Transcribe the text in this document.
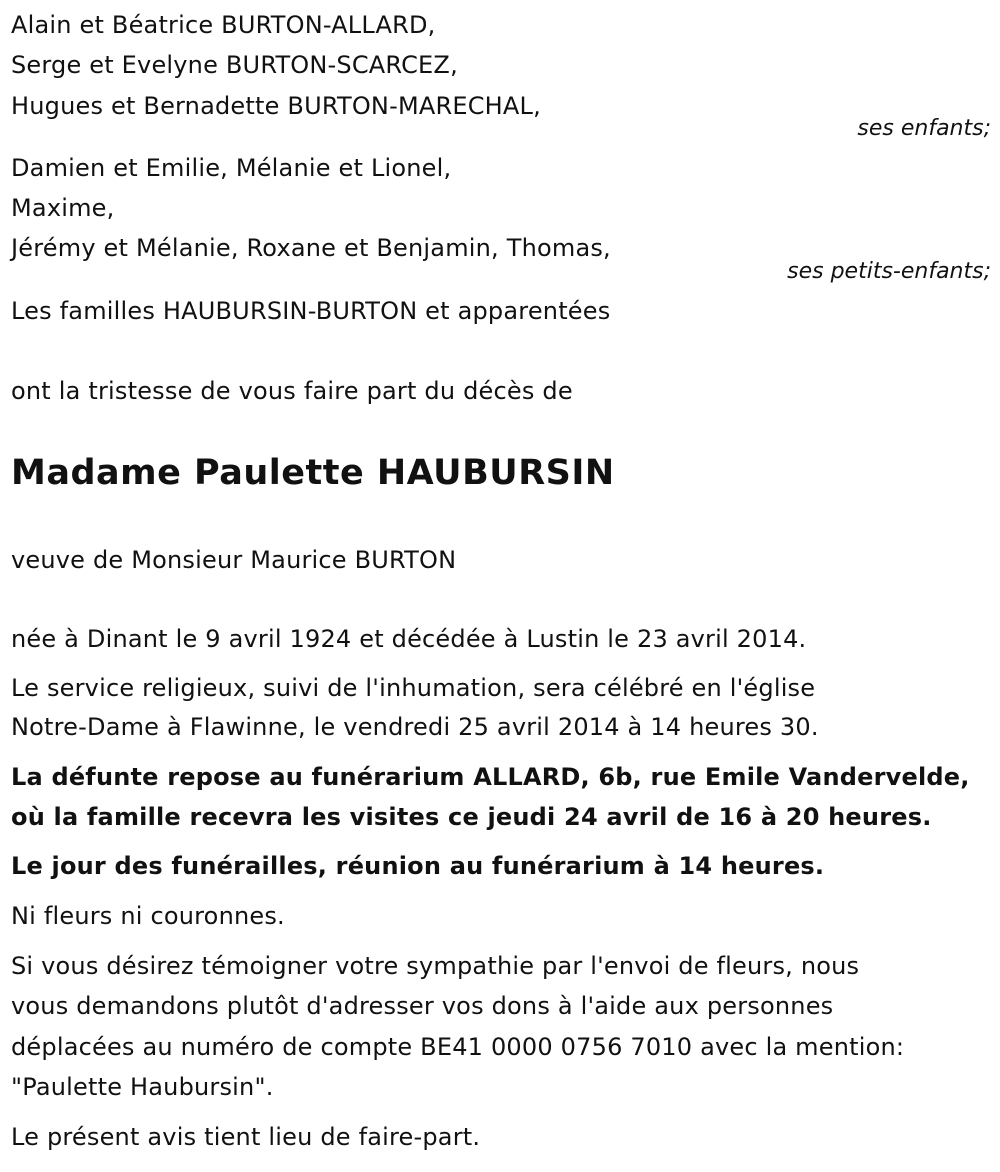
Alain et Béatrice BURTON-ALLARD,
Serge et Evelyne BURTON-SCARCEZ,
Hugues et Bernadette BURTON-MARECHAL,
ses enfants;
Damien et Emilie, Mélanie et Lionel,
Maxime,
Jérémy et Mélanie, Roxane et Benjamin, Thomas,
ses petits-enfants;
Les familles HAUBURSIN-BURTON et apparentées
ont la tristesse de vous faire part du décès de
Madame Paulette HAUBURSIN
veuve de Monsieur Maurice BURTON
née à Dinant le 9 avril 1924 et décédée à Lustin le 23 avril 2014.
Le service religieux, suivi de l'inhumation, sera célébré en l'église
Notre-Dame à Flawinne, le vendredi 25 avril 2014 à 14 heures 30.
La défunte repose au funérarium ALLARD, 6b, rue Emile Vandervelde,
où la famille recevra les visites ce jeudi 24 avril de 16 à 20 heures.
Le jour des funérailles, réunion au funérarium à 14 heures.
Ni fleurs ni couronnes.
Si vous désirez témoigner votre sympathie par l'envoi de fleurs, nous
vous demandons plutôt d'adresser vos dons à l'aide aux personnes
déplacées au numéro de compte BE41 0000 0756 7010 avec la mention:
"Paulette Haubursin".
Le présent avis tient lieu de faire-part.
